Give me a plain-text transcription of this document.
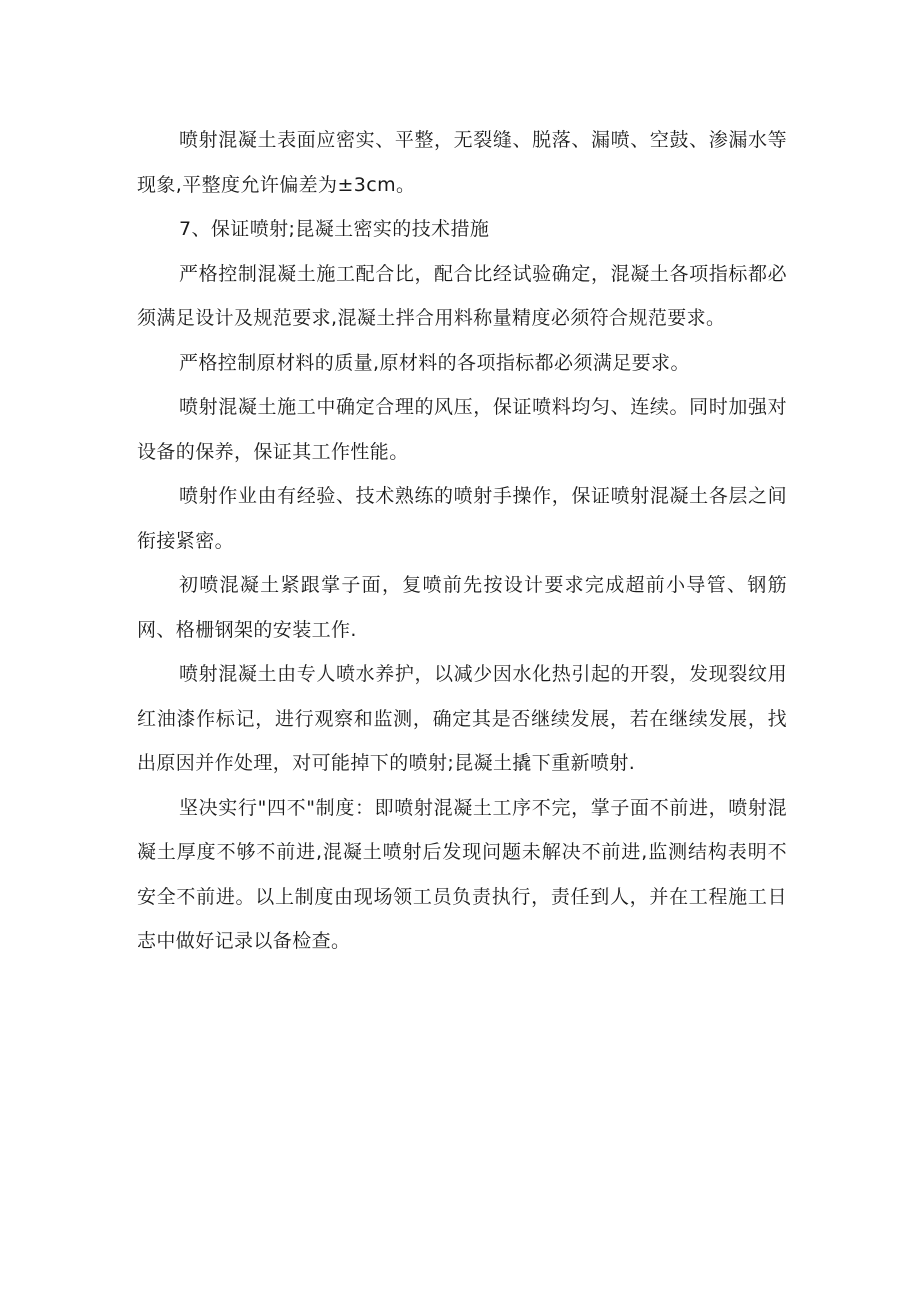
喷射混凝土表面应密实、平整，无裂缝、脱落、漏喷、空鼓、渗漏水等现象,平整度允许偏差为±3cm。

7、保证喷射;昆凝土密实的技术措施

严格控制混凝土施工配合比，配合比经试验确定，混凝土各项指标都必须满足设计及规范要求,混凝土拌合用料称量精度必须符合规范要求。

严格控制原材料的质量,原材料的各项指标都必须满足要求。

喷射混凝土施工中确定合理的风压，保证喷料均匀、连续。同时加强对设备的保养，保证其工作性能。

喷射作业由有经验、技术熟练的喷射手操作，保证喷射混凝土各层之间衔接紧密。

初喷混凝土紧跟掌子面，复喷前先按设计要求完成超前小导管、钢筋网、格栅钢架的安装工作.

喷射混凝土由专人喷水养护，以减少因水化热引起的开裂，发现裂纹用红油漆作标记，进行观察和监测，确定其是否继续发展，若在继续发展，找出原因并作处理，对可能掉下的喷射;昆凝土撬下重新喷射.

坚决实行"四不"制度：即喷射混凝土工序不完，掌子面不前进，喷射混凝土厚度不够不前进,混凝土喷射后发现问题未解决不前进,监测结构表明不安全不前进。以上制度由现场领工员负责执行，责任到人，并在工程施工日志中做好记录以备检查。
